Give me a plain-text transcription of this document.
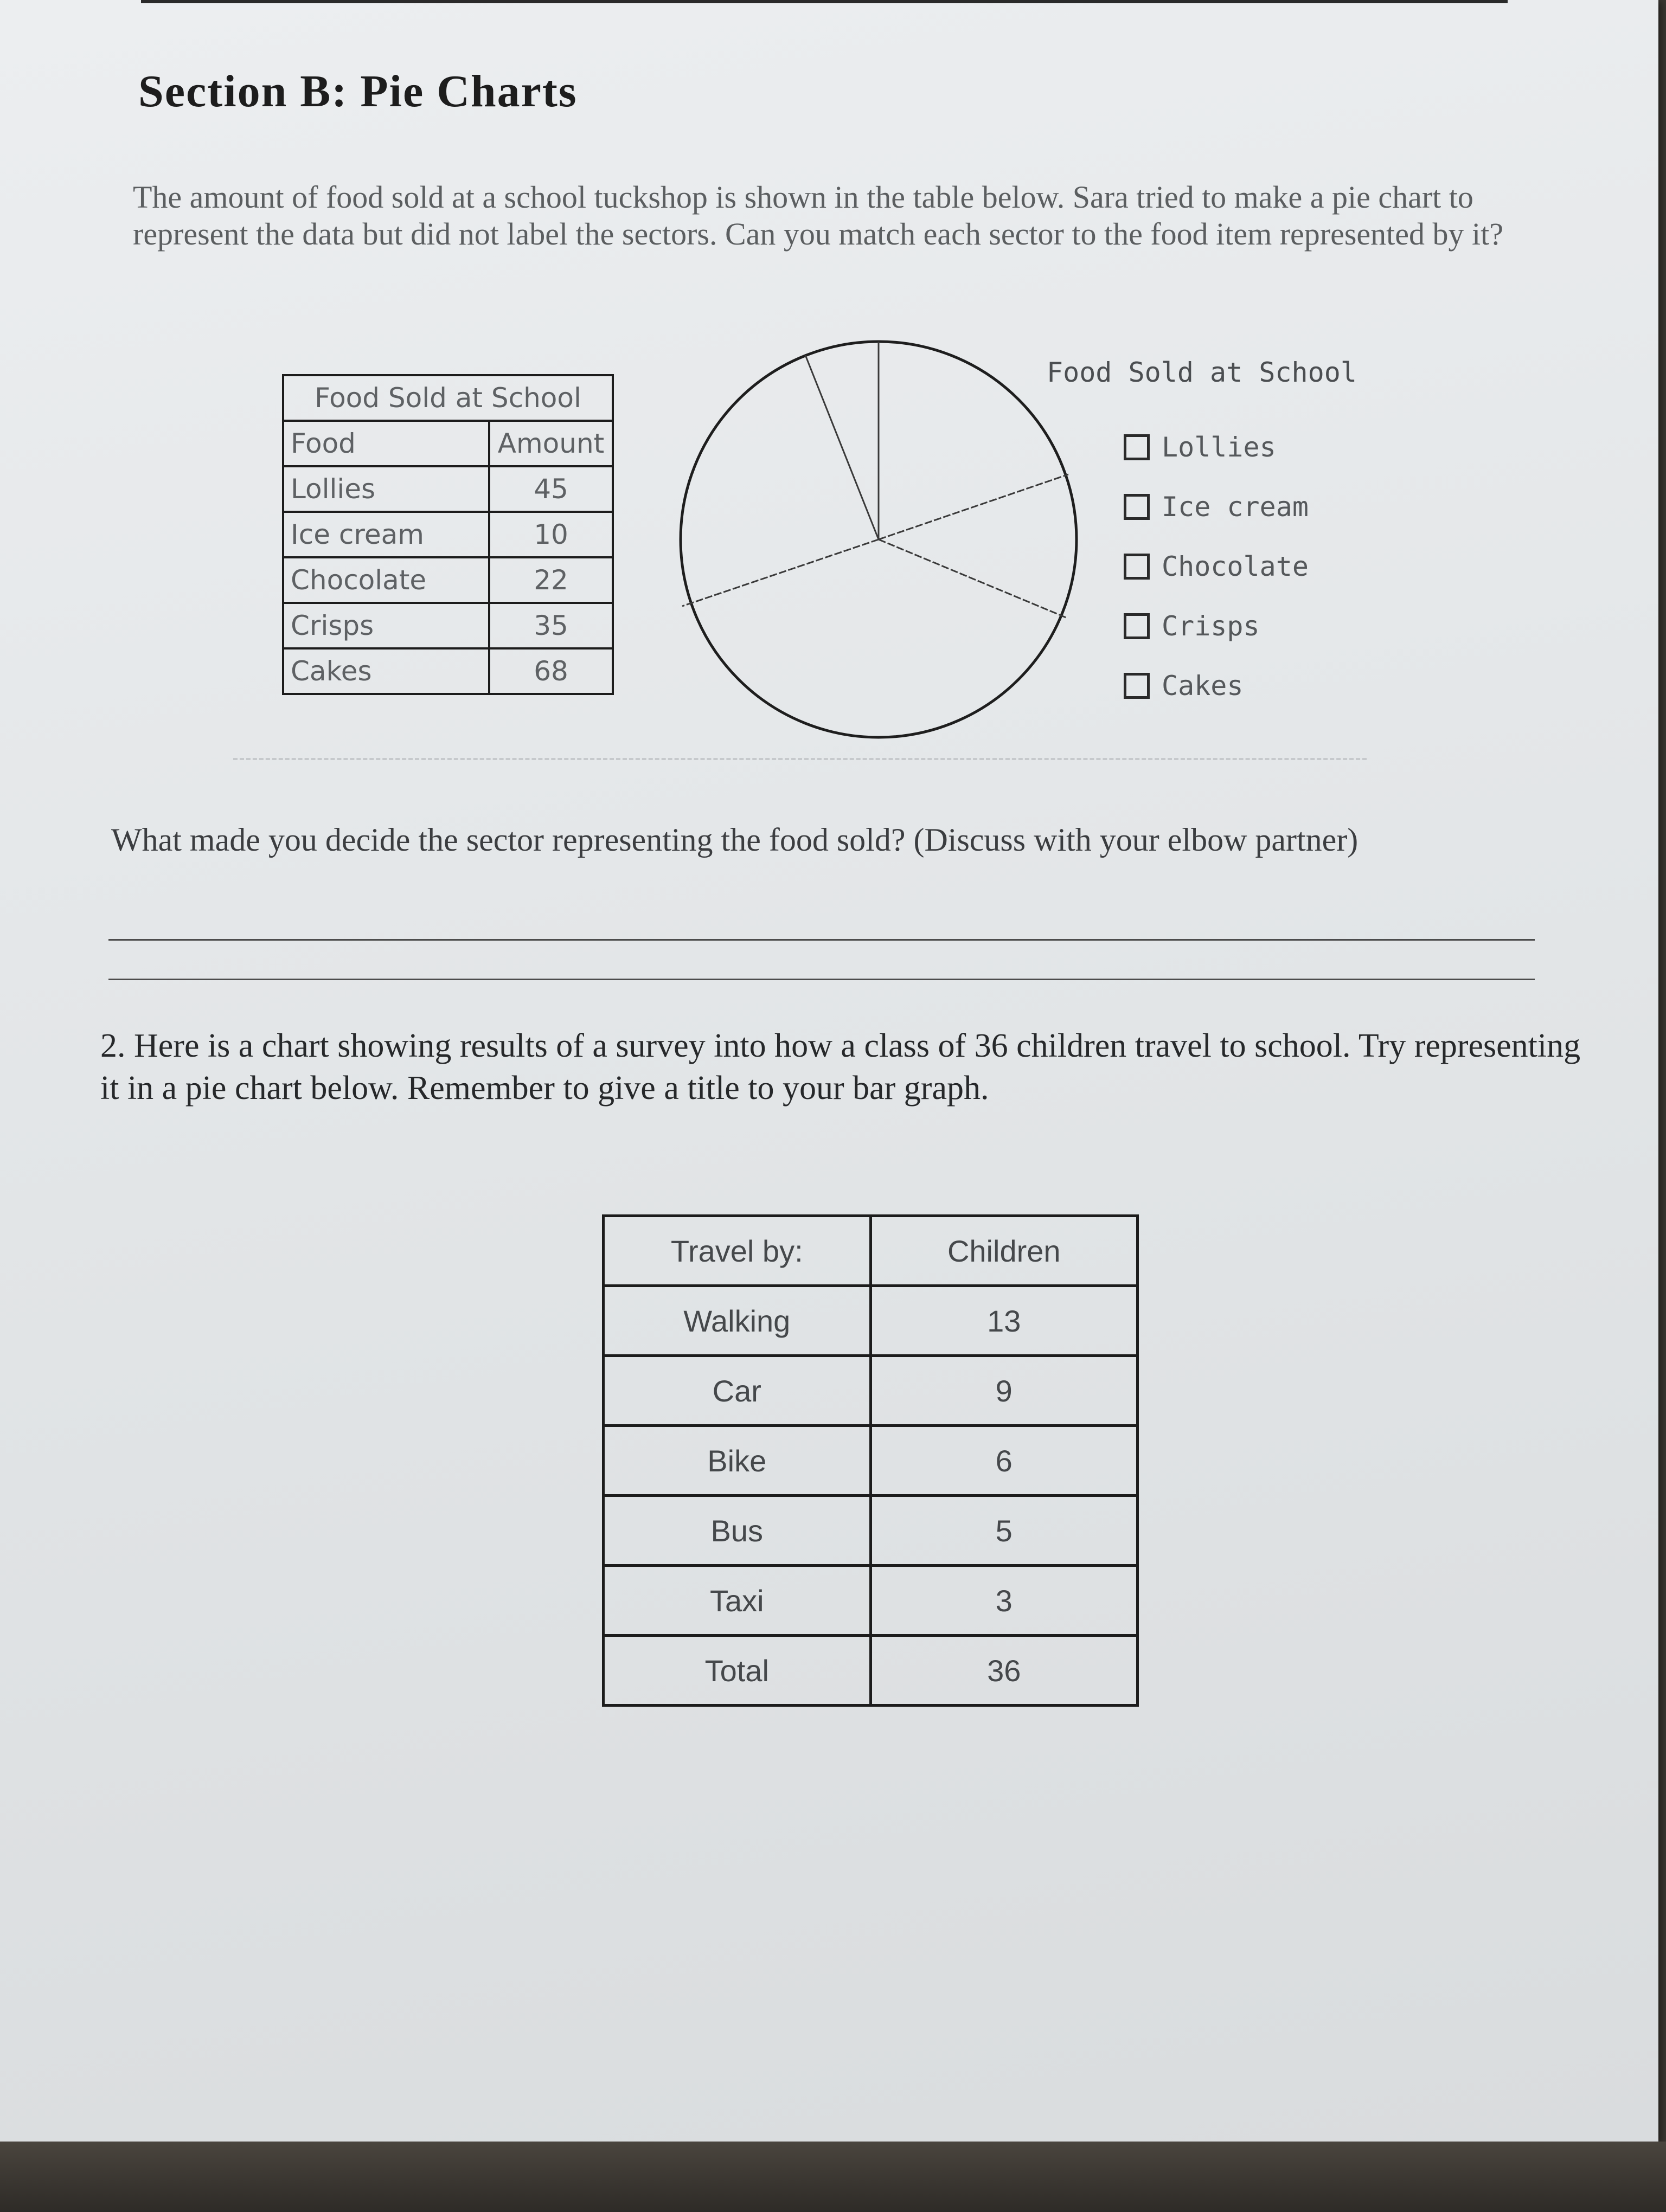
Section B: Pie Charts
The amount of food sold at a school tuckshop is shown in the table below. Sara tried to make a pie chart to represent the data but did not label the sectors. Can you match each sector to the food item represented by it?
Food Sold at School	
Food	Amount
Lollies	45
Ice cream	10
Chocolate	22
Crisps	35
Cakes	68
Food Sold at School
Lollies
Ice cream
Chocolate
Crisps
Cakes
What made you decide the sector representing the food sold? (Discuss with your elbow partner)
2. Here is a chart showing results of a survey into how a class of 36 children travel to school. Try representing it in a pie chart below. Remember to give a title to your bar graph.
Travel by:	Children
Walking	13
Car	9
Bike	6
Bus	5
Taxi	3
Total	36
